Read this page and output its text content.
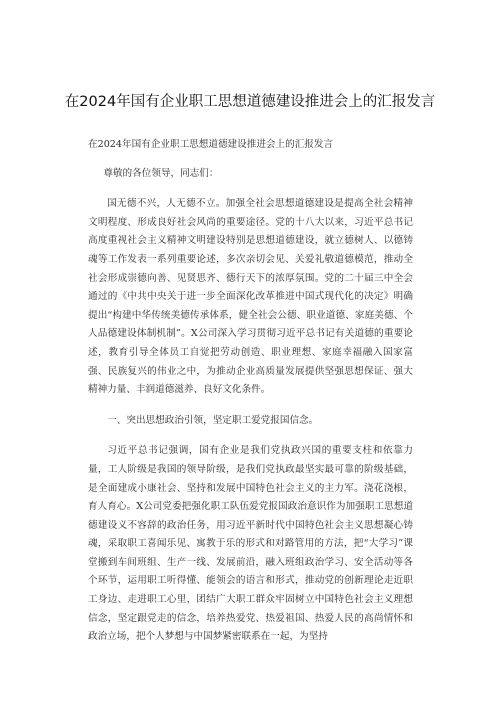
在2024年国有企业职工思想道德建设推进会上的汇报发言

在2024年国有企业职工思想道德建设推进会上的汇报发言

尊敬的各位领导，同志们：

国无德不兴，人无德不立。加强全社会思想道德建设是提高全社会精神文明程度、形成良好社会风尚的重要途径。党的十八大以来，习近平总书记高度重视社会主义精神文明建设特别是思想道德建设，就立德树人、以德铸魂等工作发表一系列重要论述，多次亲切会见、关爱礼敬道德模范，推动全社会形成崇德向善、见贤思齐、德行天下的浓厚氛围。党的二十届三中全会通过的《中共中央关于进一步全面深化改革推进中国式现代化的决定》明确提出“构建中华传统美德传承体系，健全社会公德、职业道德、家庭美德、个人品德建设体制机制”。X公司深入学习贯彻习近平总书记有关道德的重要论述，教育引导全体员工自觉把劳动创造、职业理想、家庭幸福融入国家富强、民族复兴的伟业之中，为推动企业高质量发展提供坚强思想保证、强大精神力量、丰润道德滋养、良好文化条件。

一、突出思想政治引领，坚定职工爱党报国信念。

习近平总书记强调，国有企业是我们党执政兴国的重要支柱和依靠力量，工人阶级是我国的领导阶级，是我们党执政最坚实最可靠的阶级基础，是全面建成小康社会、坚持和发展中国特色社会主义的主力军。浇花浇根，育人育心。X公司党委把强化职工队伍爱党报国政治意识作为加强职工思想道德建设义不容辞的政治任务，用习近平新时代中国特色社会主义思想凝心铸魂，采取职工喜闻乐见、寓教于乐的形式和对路管用的方法，把“大学习”课堂搬到车间班组、生产一线、发展前沿，融入班组政治学习、安全活动等各个环节，运用职工听得懂、能领会的语言和形式，推动党的创新理论走近职工身边、走进职工心里，团结广大职工群众牢固树立中国特色社会主义理想信念，坚定跟党走的信念，培养热爱党、热爱祖国、热爱人民的高尚情怀和政治立场，把个人梦想与中国梦紧密联系在一起，为坚持
